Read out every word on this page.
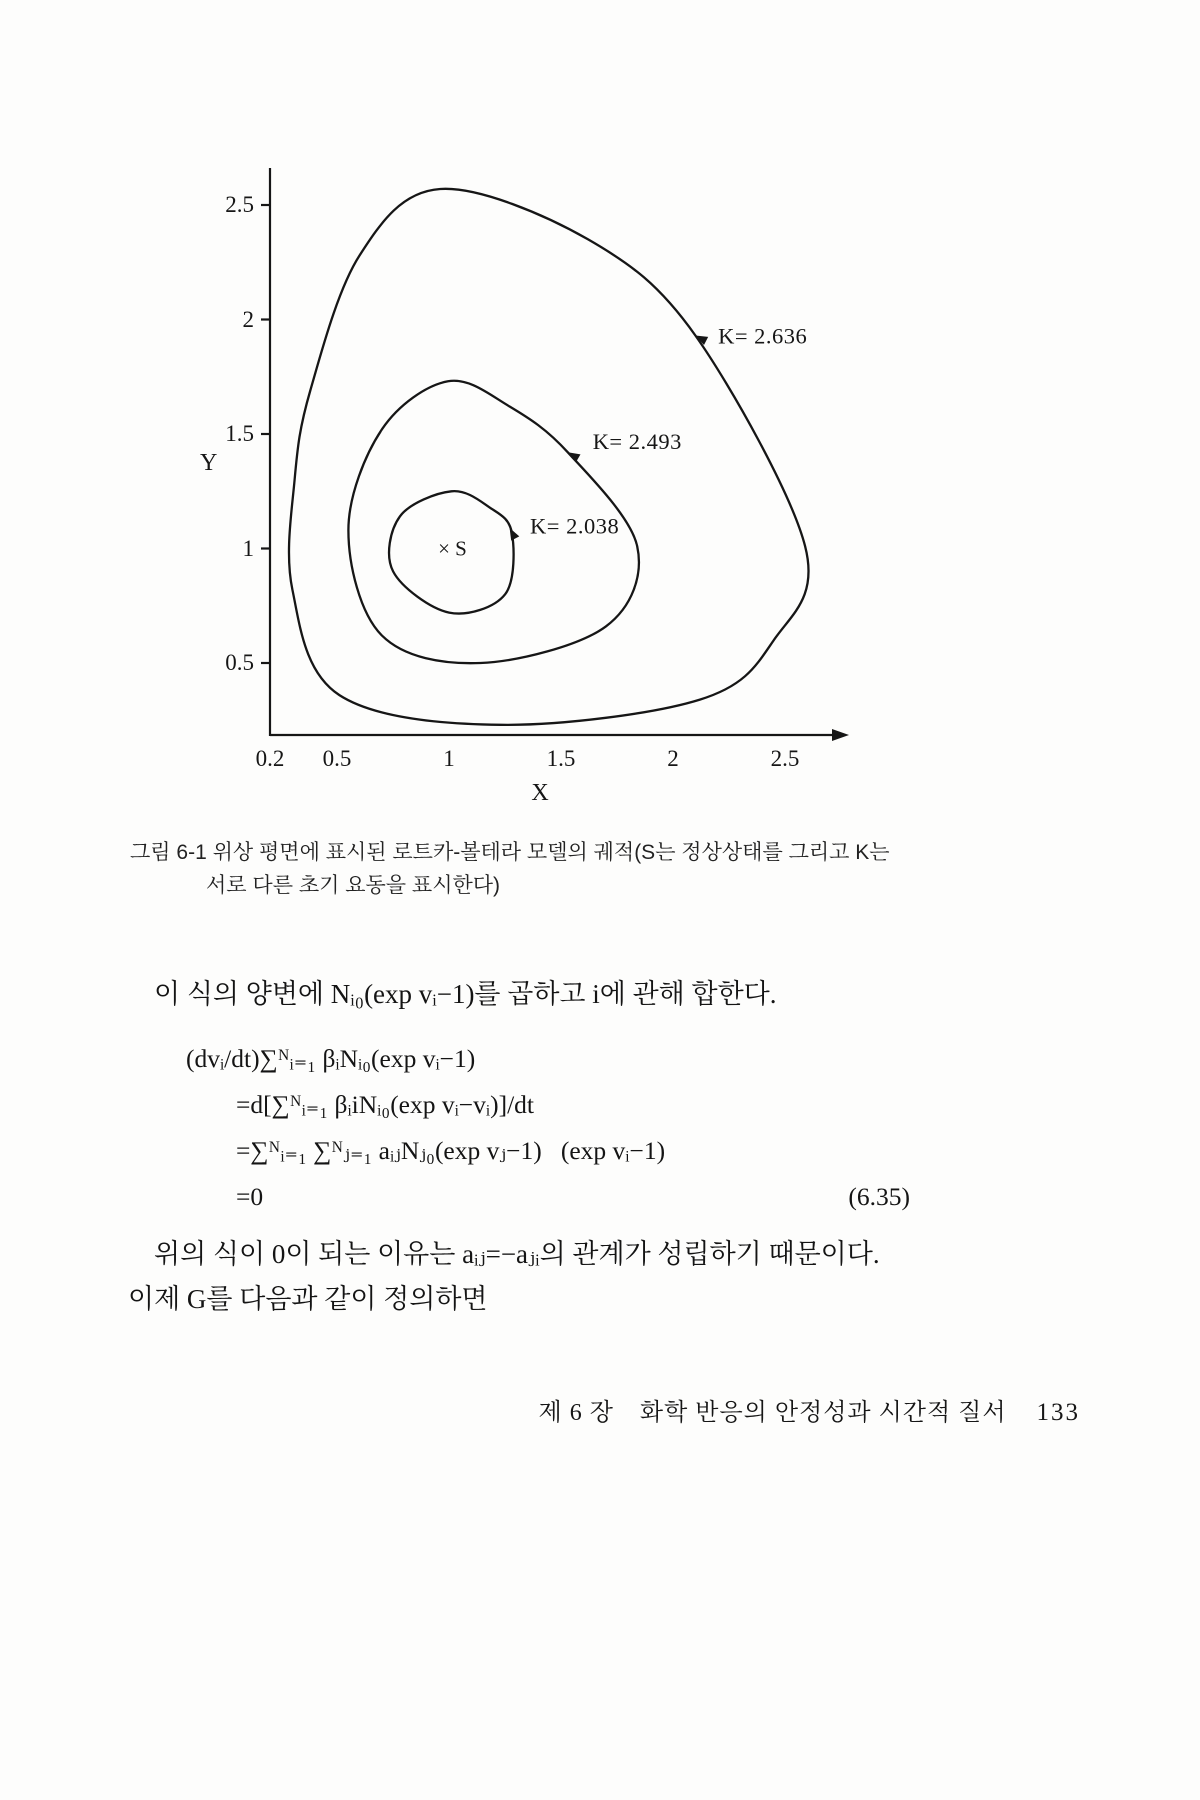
2.5
2
1.5
1
0.5
0.2 0.5	1	1.5	2	2.5
Y
X
K= 2.038
K= 2.493
K= 2.636
× S
그림 6-1 위상 평면에 표시된 로트카-볼테라 모델의 궤적(S는 정상상태를 그리고 K는
서로 다른 초기 요동을 표시한다)
이 식의 양변에 Nᵢ₀(exp vᵢ−1)를 곱하고 i에 관해 합한다.
(dvᵢ/dt)∑ᴺᵢ₌₁ βᵢNᵢ₀(exp vᵢ−1)
=d[∑ᴺᵢ₌₁ βᵢiNᵢ₀(exp vᵢ−vᵢ)]/dt
=∑ᴺᵢ₌₁ ∑ᴺⱼ₌₁ aᵢⱼNⱼ₀(exp vⱼ−1)   (exp vᵢ−1)
=0	(6.35)
위의 식이 0이 되는 이유는 aᵢⱼ=−aⱼᵢ의 관계가 성립하기 때문이다.
이제 G를 다음과 같이 정의하면
제 6 장 화학 반응의 안정성과 시간적 질서 133
